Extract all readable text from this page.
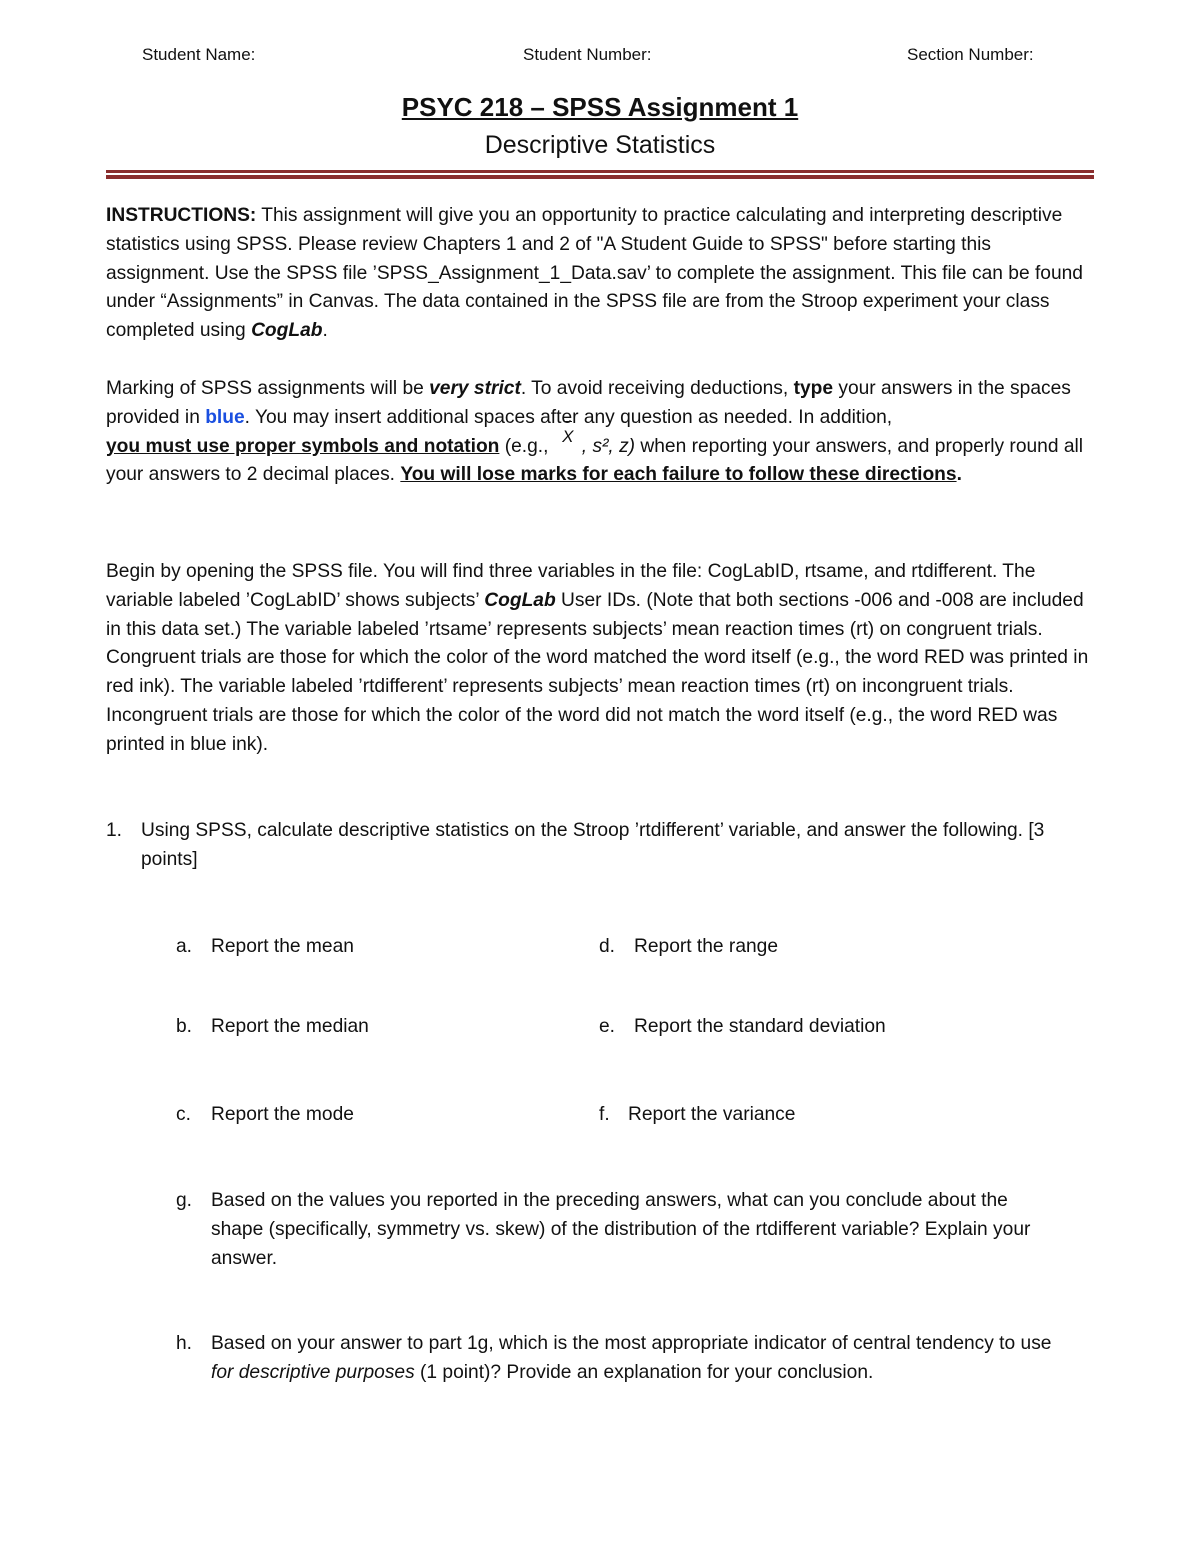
Student Name:	Student Number:	Section Number:
PSYC 218 – SPSS Assignment 1
Descriptive Statistics

INSTRUCTIONS: This assignment will give you an opportunity to practice calculating and interpreting descriptive statistics using SPSS. Please review Chapters 1 and 2 of "A Student Guide to SPSS" before starting this assignment. Use the SPSS file ’SPSS_Assignment_1_Data.sav’ to complete the assignment. This file can be found under “Assignments” in Canvas. The data contained in the SPSS file are from the Stroop experiment your class completed using CogLab.

Marking of SPSS assignments will be very strict. To avoid receiving deductions, type your answers in the spaces provided in blue. You may insert additional spaces after any question as needed. In addition,
you must use proper symbols and notation (e.g., X , s², z) when reporting your answers, and properly round all your answers to 2 decimal places. You will lose marks for each failure to follow these directions.

Begin by opening the SPSS file. You will find three variables in the file: CogLabID, rtsame, and rtdifferent. The variable labeled ’CogLabID’ shows subjects’ CogLab User IDs. (Note that both sections -006 and -008 are included in this data set.) The variable labeled ’rtsame’ represents subjects’ mean reaction times (rt) on congruent trials. Congruent trials are those for which the color of the word matched the word itself (e.g., the word RED was printed in red ink). The variable labeled ’rtdifferent’ represents subjects’ mean reaction times (rt) on incongruent trials. Incongruent trials are those for which the color of the word did not match the word itself (e.g., the word RED was printed in blue ink).

1. Using SPSS, calculate descriptive statistics on the Stroop ’rtdifferent’ variable, and answer the following. [3 points]
a. Report the mean	d. Report the range
b. Report the median	e. Report the standard deviation
c. Report the mode	f. Report the variance
g. Based on the values you reported in the preceding answers, what can you conclude about the shape (specifically, symmetry vs. skew) of the distribution of the rtdifferent variable? Explain your answer.
h. Based on your answer to part 1g, which is the most appropriate indicator of central tendency to use for descriptive purposes (1 point)? Provide an explanation for your conclusion.
